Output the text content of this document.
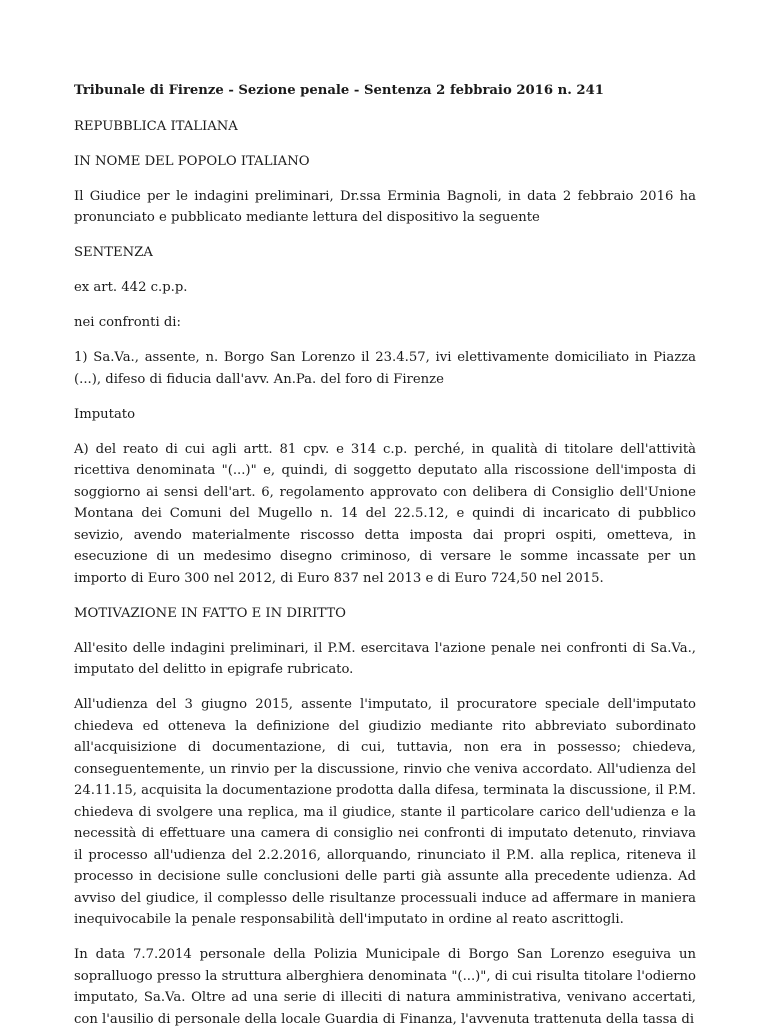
Tribunale di Firenze - Sezione penale - Sentenza 2 febbraio 2016 n. 241

REPUBBLICA ITALIANA

IN NOME DEL POPOLO ITALIANO

Il Giudice per le indagini preliminari, Dr.ssa Erminia Bagnoli, in data 2 febbraio 2016 ha pronunciato e pubblicato mediante lettura del dispositivo la seguente

SENTENZA

ex art. 442 c.p.p.

nei confronti di:

1) Sa.Va., assente, n. Borgo San Lorenzo il 23.4.57, ivi elettivamente domiciliato in Piazza (...), difeso di fiducia dall'avv. An.Pa. del foro di Firenze

Imputato

A) del reato di cui agli artt. 81 cpv. e 314 c.p. perché, in qualità di titolare dell'attività ricettiva denominata "(...)" e, quindi, di soggetto deputato alla riscossione dell'imposta di soggiorno ai sensi dell'art. 6, regolamento approvato con delibera di Consiglio dell'Unione Montana dei Comuni del Mugello n. 14 del 22.5.12, e quindi di incaricato di pubblico sevizio, avendo materialmente riscosso detta imposta dai propri ospiti, ometteva, in esecuzione di un medesimo disegno criminoso, di versare le somme incassate per un importo di Euro 300 nel 2012, di Euro 837 nel 2013 e di Euro 724,50 nel 2015.

MOTIVAZIONE IN FATTO E IN DIRITTO

All'esito delle indagini preliminari, il P.M. esercitava l'azione penale nei confronti di Sa.Va., imputato del delitto in epigrafe rubricato.

All'udienza del 3 giugno 2015, assente l'imputato, il procuratore speciale dell'imputato chiedeva ed otteneva la definizione del giudizio mediante rito abbreviato subordinato all'acquisizione di documentazione, di cui, tuttavia, non era in possesso; chiedeva, conseguentemente, un rinvio per la discussione, rinvio che veniva accordato. All'udienza del 24.11.15, acquisita la documentazione prodotta dalla difesa, terminata la discussione, il P.M. chiedeva di svolgere una replica, ma il giudice, stante il particolare carico dell'udienza e la necessità di effettuare una camera di consiglio nei confronti di imputato detenuto, rinviava il processo all'udienza del 2.2.2016, allorquando, rinunciato il P.M. alla replica, riteneva il processo in decisione sulle conclusioni delle parti già assunte alla precedente udienza. Ad avviso del giudice, il complesso delle risultanze processuali induce ad affermare in maniera inequivocabile la penale responsabilità dell'imputato in ordine al reato ascrittogli.

In data 7.7.2014 personale della Polizia Municipale di Borgo San Lorenzo eseguiva un sopralluogo presso la struttura alberghiera denominata "(...)", di cui risulta titolare l'odierno imputato, Sa.Va. Oltre ad una serie di illeciti di natura amministrativa, venivano accertati, con l'ausilio di personale della locale Guardia di Finanza, l'avvenuta trattenuta della tassa di
